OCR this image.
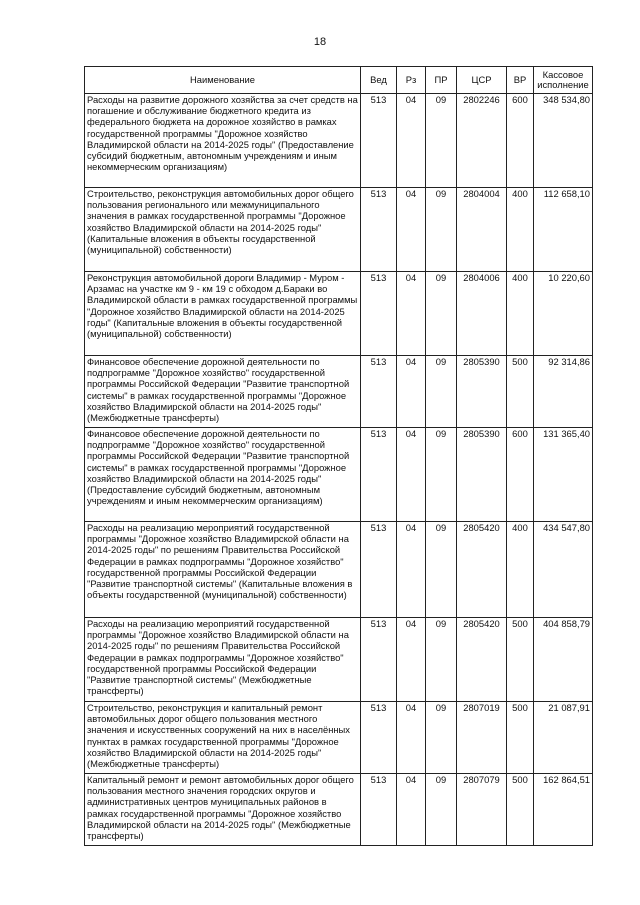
18
Наименование	Вед	Рз	ПР	ЦСР	ВР	Кассовое исполнение
Расходы на развитие дорожного хозяйства за счет средств на погашение и обслуживание бюджетного кредита из федерального бюджета на дорожное хозяйство в рамках государственной программы "Дорожное хозяйство Владимирской области на 2014-2025 годы" (Предоставление субсидий бюджетным, автономным учреждениям и иным некоммерческим организациям)	513	04	09	2802246	600	348 534,80
Строительство, реконструкция автомобильных дорог общего пользования регионального или межмуниципального значения в рамках государственной программы "Дорожное хозяйство Владимирской области на 2014-2025 годы" (Капитальные вложения в объекты государственной (муниципальной) собственности)	513	04	09	2804004	400	112 658,10
Реконструкция автомобильной дороги Владимир - Муром - Арзамас на участке км 9 - км 19 с обходом д.Бараки во Владимирской области в рамках государственной программы "Дорожное хозяйство Владимирской области на 2014-2025 годы" (Капитальные вложения в объекты государственной (муниципальной) собственности)	513	04	09	2804006	400	10 220,60
Финансовое обеспечение дорожной деятельности по подпрограмме "Дорожное хозяйство" государственной программы Российской Федерации "Развитие транспортной системы" в рамках государственной программы "Дорожное хозяйство Владимирской области на 2014-2025 годы" (Межбюджетные трансферты)	513	04	09	2805390	500	92 314,86
Финансовое обеспечение дорожной деятельности по подпрограмме "Дорожное хозяйство" государственной программы Российской Федерации "Развитие транспортной системы" в рамках государственной программы "Дорожное хозяйство Владимирской области на 2014-2025 годы" (Предоставление субсидий бюджетным, автономным учреждениям и иным некоммерческим организациям)	513	04	09	2805390	600	131 365,40
Расходы на реализацию мероприятий государственной программы "Дорожное хозяйство Владимирской области на 2014-2025 годы" по решениям Правительства Российской Федерации в рамках подпрограммы "Дорожное хозяйство" государственной программы Российской Федерации "Развитие транспортной системы" (Капитальные вложения в объекты государственной (муниципальной) собственности)	513	04	09	2805420	400	434 547,80
Расходы на реализацию мероприятий государственной программы "Дорожное хозяйство Владимирской области на 2014-2025 годы" по решениям Правительства Российской Федерации в рамках подпрограммы "Дорожное хозяйство" государственной программы Российской Федерации "Развитие транспортной системы" (Межбюджетные трансферты)	513	04	09	2805420	500	404 858,79
Строительство, реконструкция и капитальный ремонт автомобильных дорог общего пользования местного значения и искусственных сооружений на них в населённых пунктах в рамках государственной программы "Дорожное хозяйство Владимирской области на 2014-2025 годы" (Межбюджетные трансферты)	513	04	09	2807019	500	21 087,91
Капитальный ремонт и ремонт автомобильных дорог общего пользования местного значения городских округов и административных центров муниципальных районов в рамках государственной программы "Дорожное хозяйство Владимирской области на 2014-2025 годы" (Межбюджетные трансферты)	513	04	09	2807079	500	162 864,51
